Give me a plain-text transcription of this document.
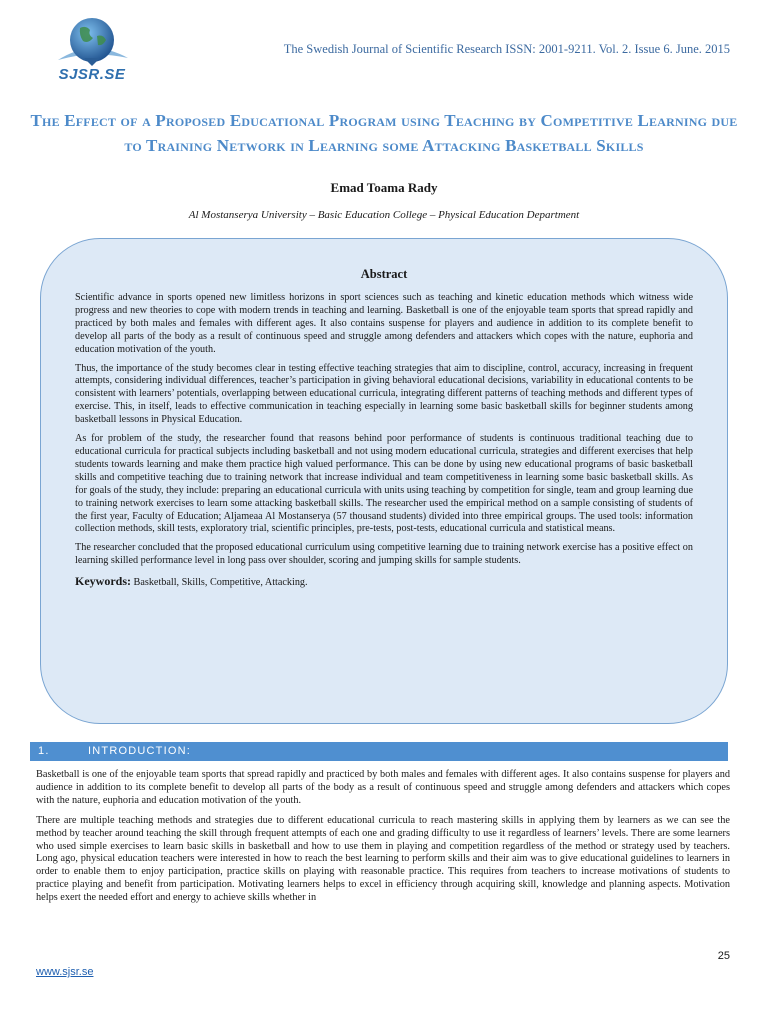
SJSR.SE
The Swedish Journal of Scientific Research ISSN: 2001-9211. Vol. 2. Issue 6. June. 2015
The Effect of a Proposed Educational Program using Teaching by Competitive Learning due to Training Network in Learning some Attacking Basketball Skills
Emad Toama Rady
Al Mostanserya University – Basic Education College – Physical Education Department
Abstract

Scientific advance in sports opened new limitless horizons in sport sciences such as teaching and kinetic education methods which witness wide progress and new theories to cope with modern trends in teaching and learning. Basketball is one of the enjoyable team sports that spread rapidly and practiced by both males and females with different ages. It also contains suspense for players and audience in addition to its complete benefit to develop all parts of the body as a result of continuous speed and struggle among defenders and attackers which copes with the nature, euphoria and education motivation of the youth.

Thus, the importance of the study becomes clear in testing effective teaching strategies that aim to discipline, control, accuracy, increasing in frequent attempts, considering individual differences, teacher’s participation in giving behavioral educational decisions, variability in educational contents to be consistent with learners’ potentials, overlapping between educational curricula, integrating different patterns of teaching methods and different types of exercise. This, in itself, leads to effective communication in teaching especially in learning some basic basketball skills for beginner students among basketball lessons in Physical Education.

As for problem of the study, the researcher found that reasons behind poor performance of students is continuous traditional teaching due to educational curricula for practical subjects including basketball and not using modern educational curricula, strategies and different exercises that help students towards learning and make them practice high valued performance. This can be done by using new educational programs of basic basketball skills and competitive teaching due to training network that increase individual and team competitiveness in learning some basic basketball skills. As for goals of the study, they include: preparing an educational curricula with units using teaching by competition for single, team and group learning due to training network exercises to learn some attacking basketball skills. The researcher used the empirical method on a sample consisting of students of the first year, Faculty of Education; Aljameaa Al Mostanserya (57 thousand students) divided into three empirical groups. The used tools: information collection methods, skill tests, exploratory trial, scientific principles, pre-tests, post-tests, educational curricula and statistical means.

The researcher concluded that the proposed educational curriculum using competitive learning due to training network exercise has a positive effect on learning skilled performance level in long pass over shoulder, scoring and jumping skills for sample students.

Keywords: Basketball, Skills, Competitive, Attacking.
1.	INTRODUCTION:

Basketball is one of the enjoyable team sports that spread rapidly and practiced by both males and females with different ages. It also contains suspense for players and audience in addition to its complete benefit to develop all parts of the body as a result of continuous speed and struggle among defenders and attackers which copes with the nature, euphoria and education motivation of the youth.

There are multiple teaching methods and strategies due to different educational curricula to reach mastering skills in applying them by learners as we can see the method by teacher around teaching the skill through frequent attempts of each one and grading difficulty to use it regardless of learners’ levels. There are some learners who used simple exercises to learn basic skills in basketball and how to use them in playing and competition regardless of the method or strategy used by teachers. Long ago, physical education teachers were interested in how to reach the best learning to perform skills and their aim was to give educational guidelines to learners in order to enable them to enjoy participation, practice skills on playing with reasonable practice. This requires from teachers to increase motivations of students to practice playing and benefit from participation. Motivating learners helps to excel in efficiency through acquiring skill, knowledge and planning aspects. Motivation helps exert the needed effort and energy to achieve skills whether in

25
www.sjsr.se
